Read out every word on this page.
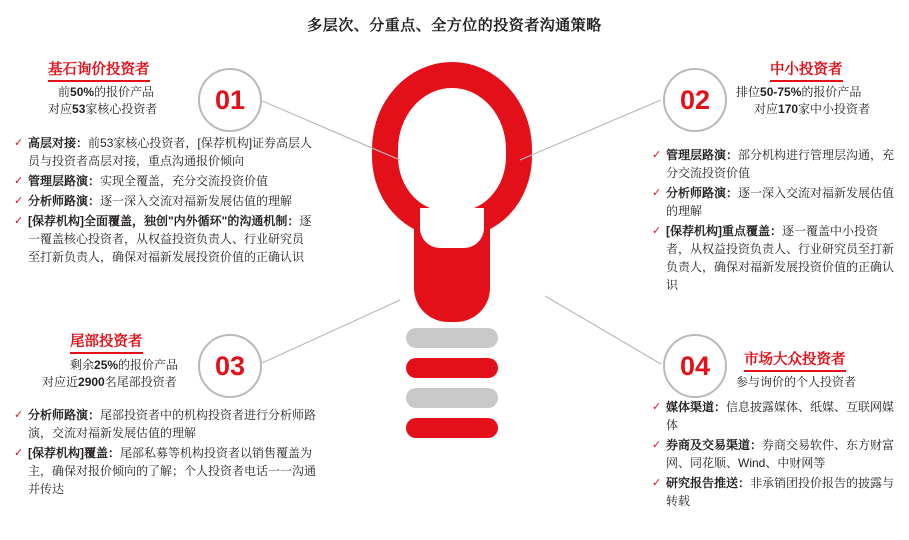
多层次、分重点、全方位的投资者沟通策略
01	02
03	04
基石询价投资者
前50%的报价产品
对应53家核心投资者
✓ 高层对接：前53家核心投资者，[保荐机构]证券高层人员与投资者高层对接，重点沟通报价倾向
✓ 管理层路演：实现全覆盖，充分交流投资价值
✓ 分析师路演：逐一深入交流对福新发展估值的理解
✓ [保荐机构]全面覆盖，独创"内外循环"的沟通机制：逐一覆盖核心投资者，从权益投资负责人、行业研究员至打新负责人，确保对福新发展投资价值的正确认识
中小投资者
排位50-75%的报价产品
对应170家中小投资者
✓ 管理层路演：部分机构进行管理层沟通，充分交流投资价值
✓ 分析师路演：逐一深入交流对福新发展估值的理解
✓ [保荐机构]重点覆盖：逐一覆盖中小投资者，从权益投资负责人、行业研究员至打新负责人，确保对福新发展投资价值的正确认识
尾部投资者
剩余25%的报价产品
对应近2900名尾部投资者
✓ 分析师路演：尾部投资者中的机构投资者进行分析师路演，交流对福新发展估值的理解
✓ [保荐机构]覆盖：尾部私募等机构投资者以销售覆盖为主，确保对报价倾向的了解；个人投资者电话一一沟通并传达
市场大众投资者
参与询价的个人投资者
✓ 媒体渠道：信息披露媒体、纸媒、互联网媒体
✓ 券商及交易渠道：券商交易软件、东方财富网、同花顺、Wind、中财网等
✓ 研究报告推送：非承销团投价报告的披露与转载
